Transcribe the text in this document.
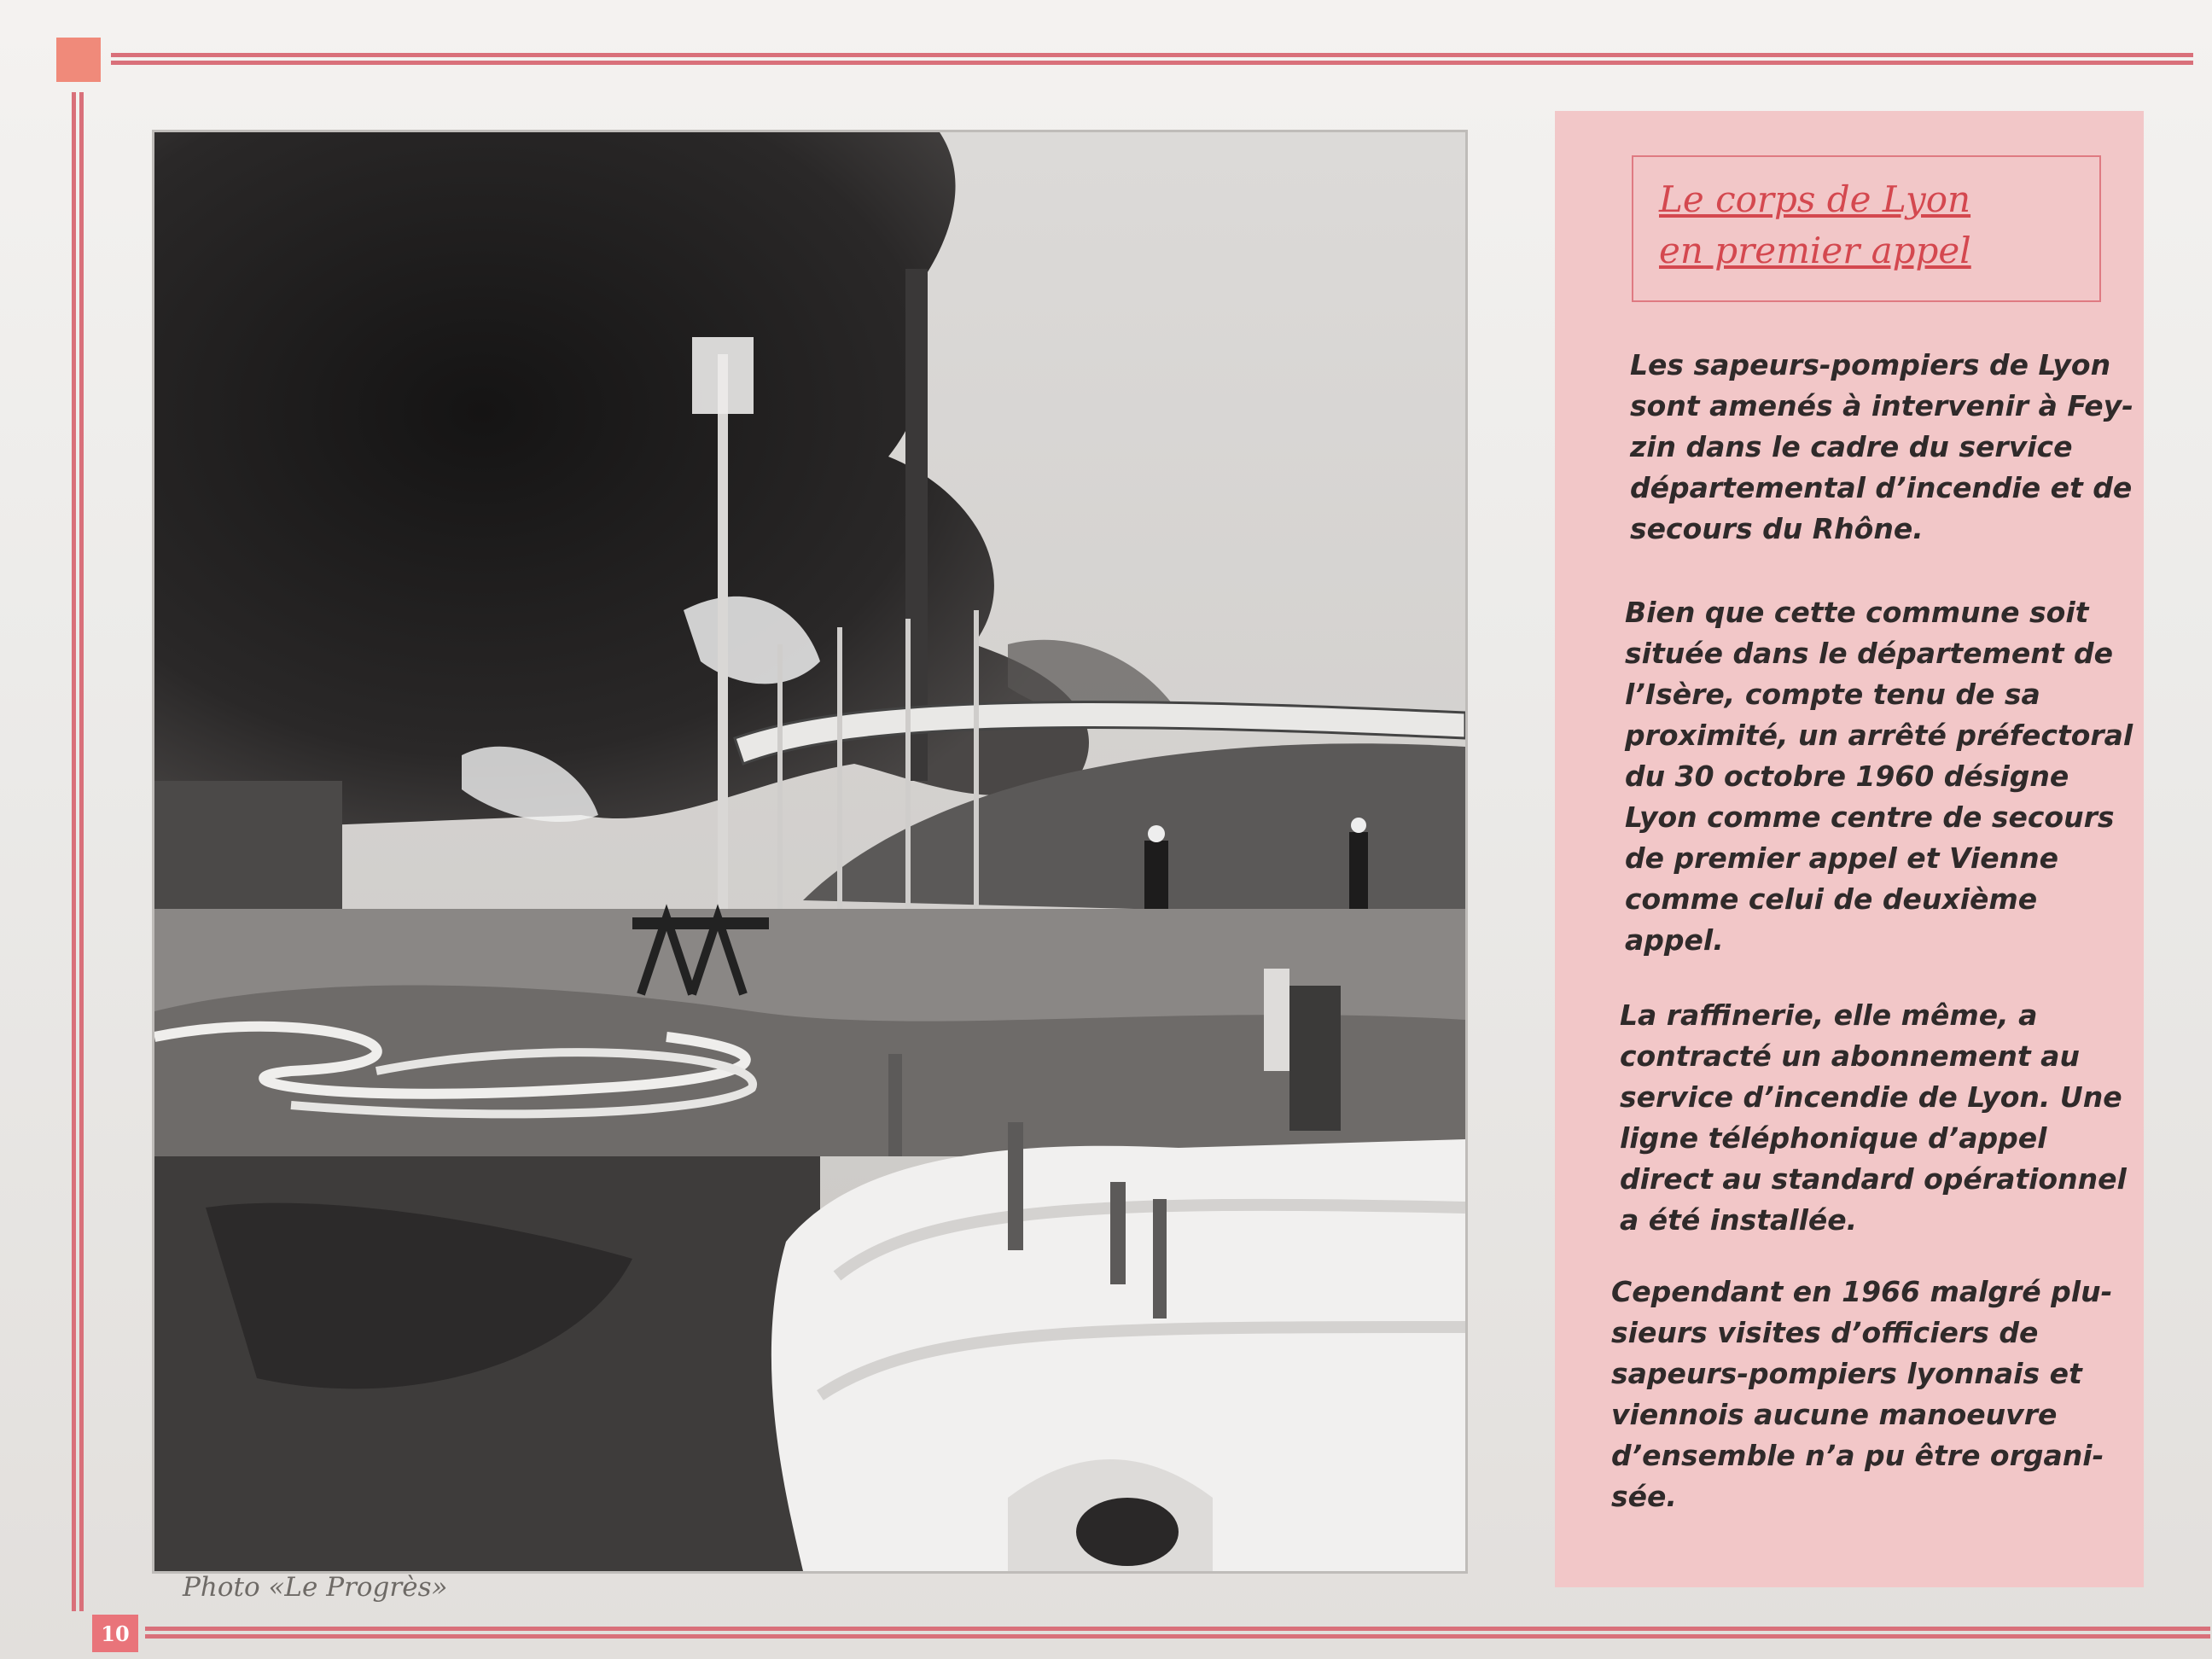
10
Photo «Le Progrès»
Le corps de Lyon
en premier appel
Les sapeurs-pompiers de Lyon
sont amenés à intervenir à Fey-
zin dans le cadre du service
départemental d’incendie et de
secours du Rhône.
Bien que cette commune soit
située dans le département de
l’Isère, compte tenu de sa
proximité, un arrêté préfectoral
du 30 octobre 1960 désigne
Lyon comme centre de secours
de premier appel et Vienne
comme celui de deuxième
appel.
La raffinerie, elle même, a
contracté un abonnement au
service d’incendie de Lyon. Une
ligne téléphonique d’appel
direct au standard opérationnel
a été installée.
Cependant en 1966 malgré plu-
sieurs visites d’officiers de
sapeurs-pompiers lyonnais et
viennois aucune manoeuvre
d’ensemble n’a pu être organi-
sée.
